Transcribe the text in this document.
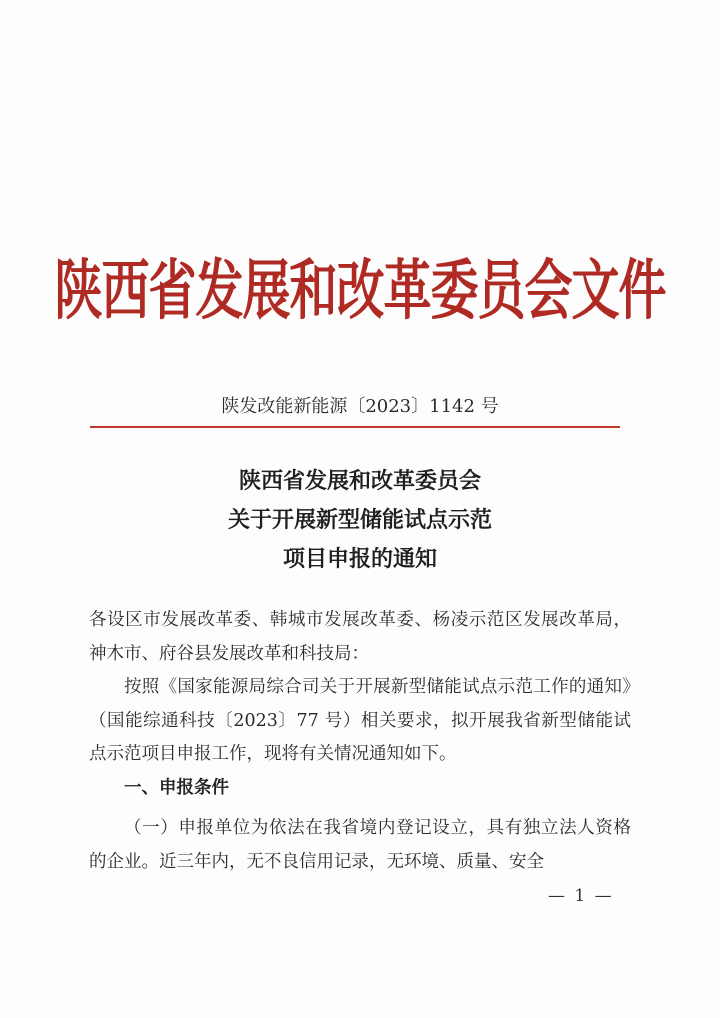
陕西省发展和改革委员会文件
陕发改能新能源〔2023〕1142 号
陕西省发展和改革委员会
关于开展新型储能试点示范
项目申报的通知
各设区市发展改革委、韩城市发展改革委、杨凌示范区发展改革局，神木市、府谷县发展改革和科技局：
按照《国家能源局综合司关于开展新型储能试点示范工作的通知》（国能综通科技〔2023〕77 号）相关要求，拟开展我省新型储能试点示范项目申报工作，现将有关情况通知如下。
一、申报条件
（一）申报单位为依法在我省境内登记设立，具有独立法人资格的企业。近三年内，无不良信用记录，无环境、质量、安全
— 1 —
